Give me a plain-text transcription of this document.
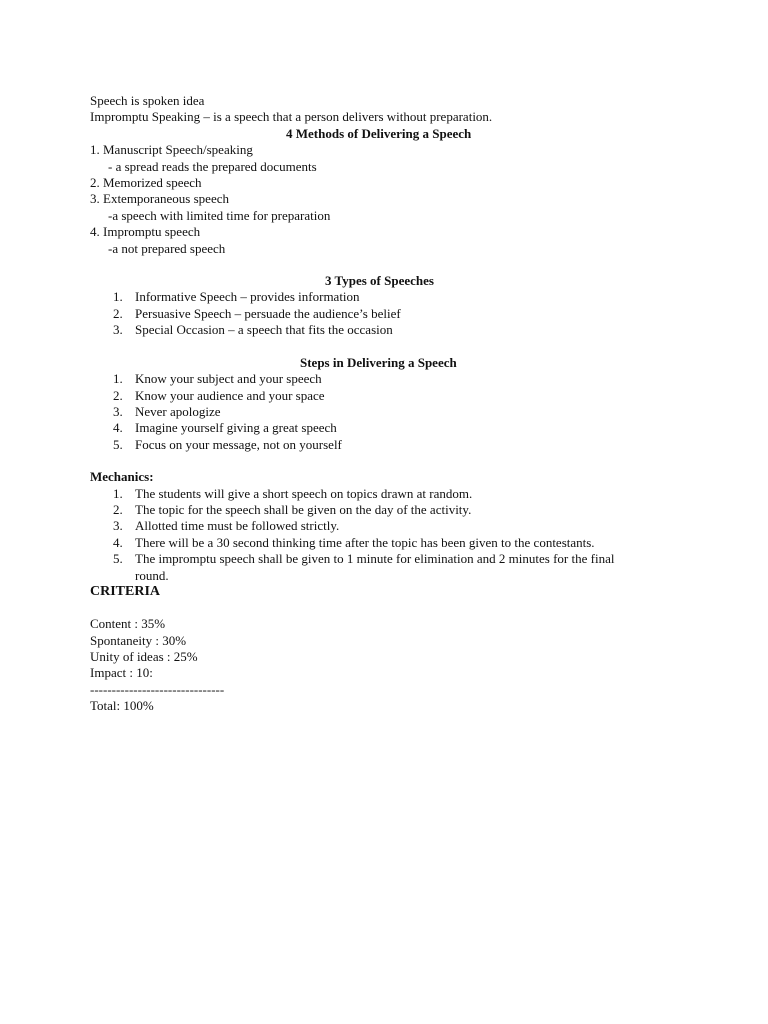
Speech is spoken idea
Impromptu Speaking – is a speech that a person delivers without preparation.
4 Methods of Delivering a Speech
1. Manuscript Speech/speaking
- a spread reads the prepared documents
2. Memorized speech
3. Extemporaneous speech
-a speech with limited time for preparation
4. Impromptu speech
-a not prepared speech
3 Types of Speeches
1. Informative Speech – provides information
2. Persuasive Speech – persuade the audience’s belief
3. Special Occasion – a speech that fits the occasion
Steps in Delivering a Speech
1. Know your subject and your speech
2. Know your audience and your space
3. Never apologize
4. Imagine yourself giving a great speech
5. Focus on your message, not on yourself
Mechanics:
1. The students will give a short speech on topics drawn at random.
2. The topic for the speech shall be given on the day of the activity.
3. Allotted time must be followed strictly.
4. There will be a 30 second thinking time after the topic has been given to the contestants.
5. The impromptu speech shall be given to 1 minute for elimination and 2 minutes for the final
round.
CRITERIA
Content : 35%
Spontaneity : 30%
Unity of ideas : 25%
Impact : 10:
-------------------------------
Total: 100%
